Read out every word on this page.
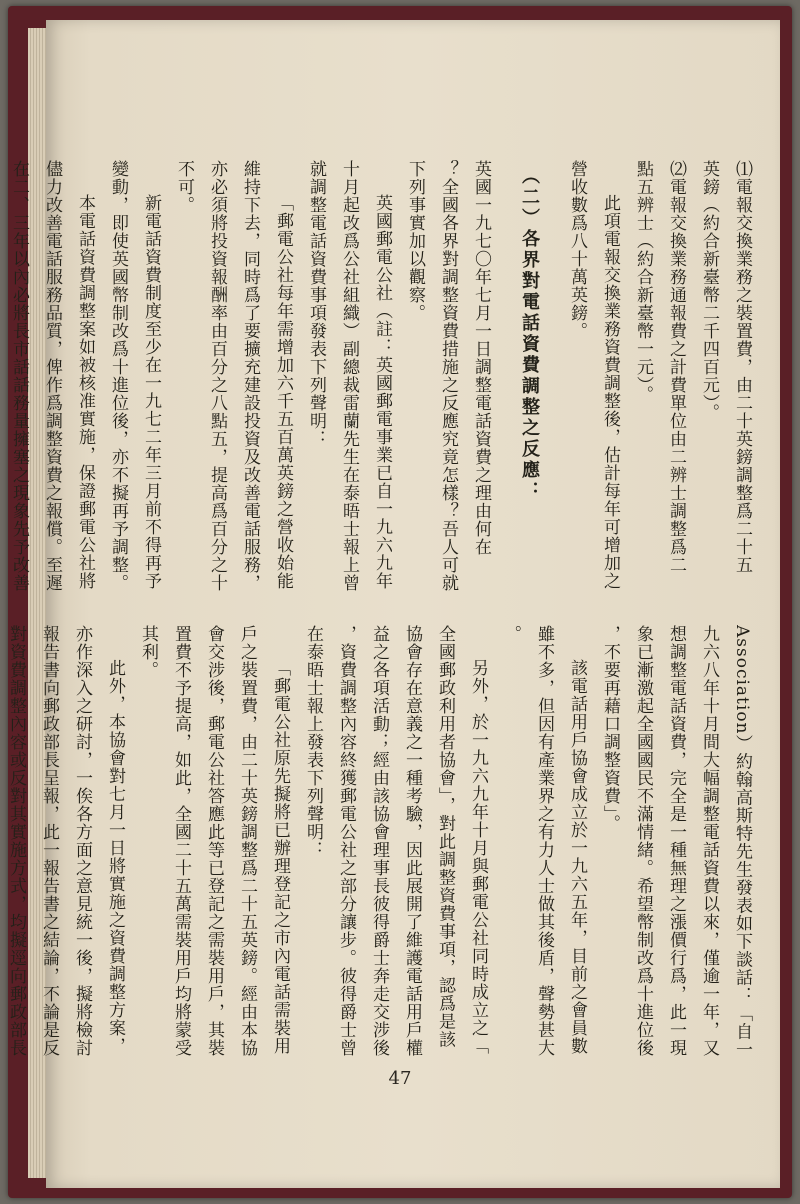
⑴電報交換業務之裝置費，由二十英鎊調整爲二十五
英鎊（約合新臺幣二千四百元）。
⑵電報交換業務通報費之計費單位由二辨士調整爲二
點五辨士（約合新臺幣一元）。
此項電報交換業務資費調整後，估計每年可增加之
營收數爲八十萬英鎊。
（二）各界對電話資費調整之反應：
英國一九七〇年七月一日調整電話資費之理由何在
？全國各界對調整資費措施之反應究竟怎樣？吾人可就
下列事實加以觀察。
英國郵電公社（註：英國郵電事業已自一九六九年
十月起改爲公社組織）副總裁雷蘭先生在泰晤士報上曾
就調整電話資費事項發表下列聲明：
「郵電公社每年需增加六千五百萬英鎊之營收始能
維持下去，同時爲了要擴充建設投資及改善電話服務，
亦必須將投資報酬率由百分之八點五，提高爲百分之十
不可。
新電話資費制度至少在一九七二年三月前不得再予
變動，即使英國幣制改爲十進位後，亦不擬再予調整。
本電話資費調整案如被核准實施，保證郵電公社將
儘力改善電話服務品質，俾作爲調整資費之報償。至遲
在二、三年以內必將長市話話務量擁塞之現象先予改善
Association）約翰高斯特先生發表如下談話：「自一
九六八年十月間大幅調整電話資費以來，僅逾一年，又
想調整電話資費，完全是一種無理之漲價行爲，此一現
象已漸激起全國國民不滿情緒。希望幣制改爲十進位後
，不要再藉口調整資費」。
該電話用戶協會成立於一九六五年，目前之會員數
雖不多，但因有產業界之有力人士做其後盾，聲勢甚大
。
另外，於一九六九年十月與郵電公社同時成立之「
全國郵政利用者協會」，對此調整資費事項，認爲是該
協會存在意義之一種考驗，因此展開了維護電話用戶權
益之各項活動；經由該協會理事長彼得爵士奔走交涉後
，資費調整內容終獲郵電公社之部分讓步。彼得爵士曾
在泰晤士報上發表下列聲明：
「郵電公社原先擬將已辦理登記之市內電話需裝用
戶之裝置費，由二十英鎊調整爲二十五英鎊。經由本協
會交涉後，郵電公社答應此等已登記之需裝用戶，其裝
置費不予提高，如此，全國二十五萬需裝用戶均將蒙受
其利。
此外，本協會對七月一日將實施之資費調整方案，
亦作深入之研討，一俟各方面之意見統一後，擬將檢討
報告書向郵政部長呈報，此一報告書之結論，不論是反
對資費調整內容或反對其實施方式，均擬逕向郵政部長
47
